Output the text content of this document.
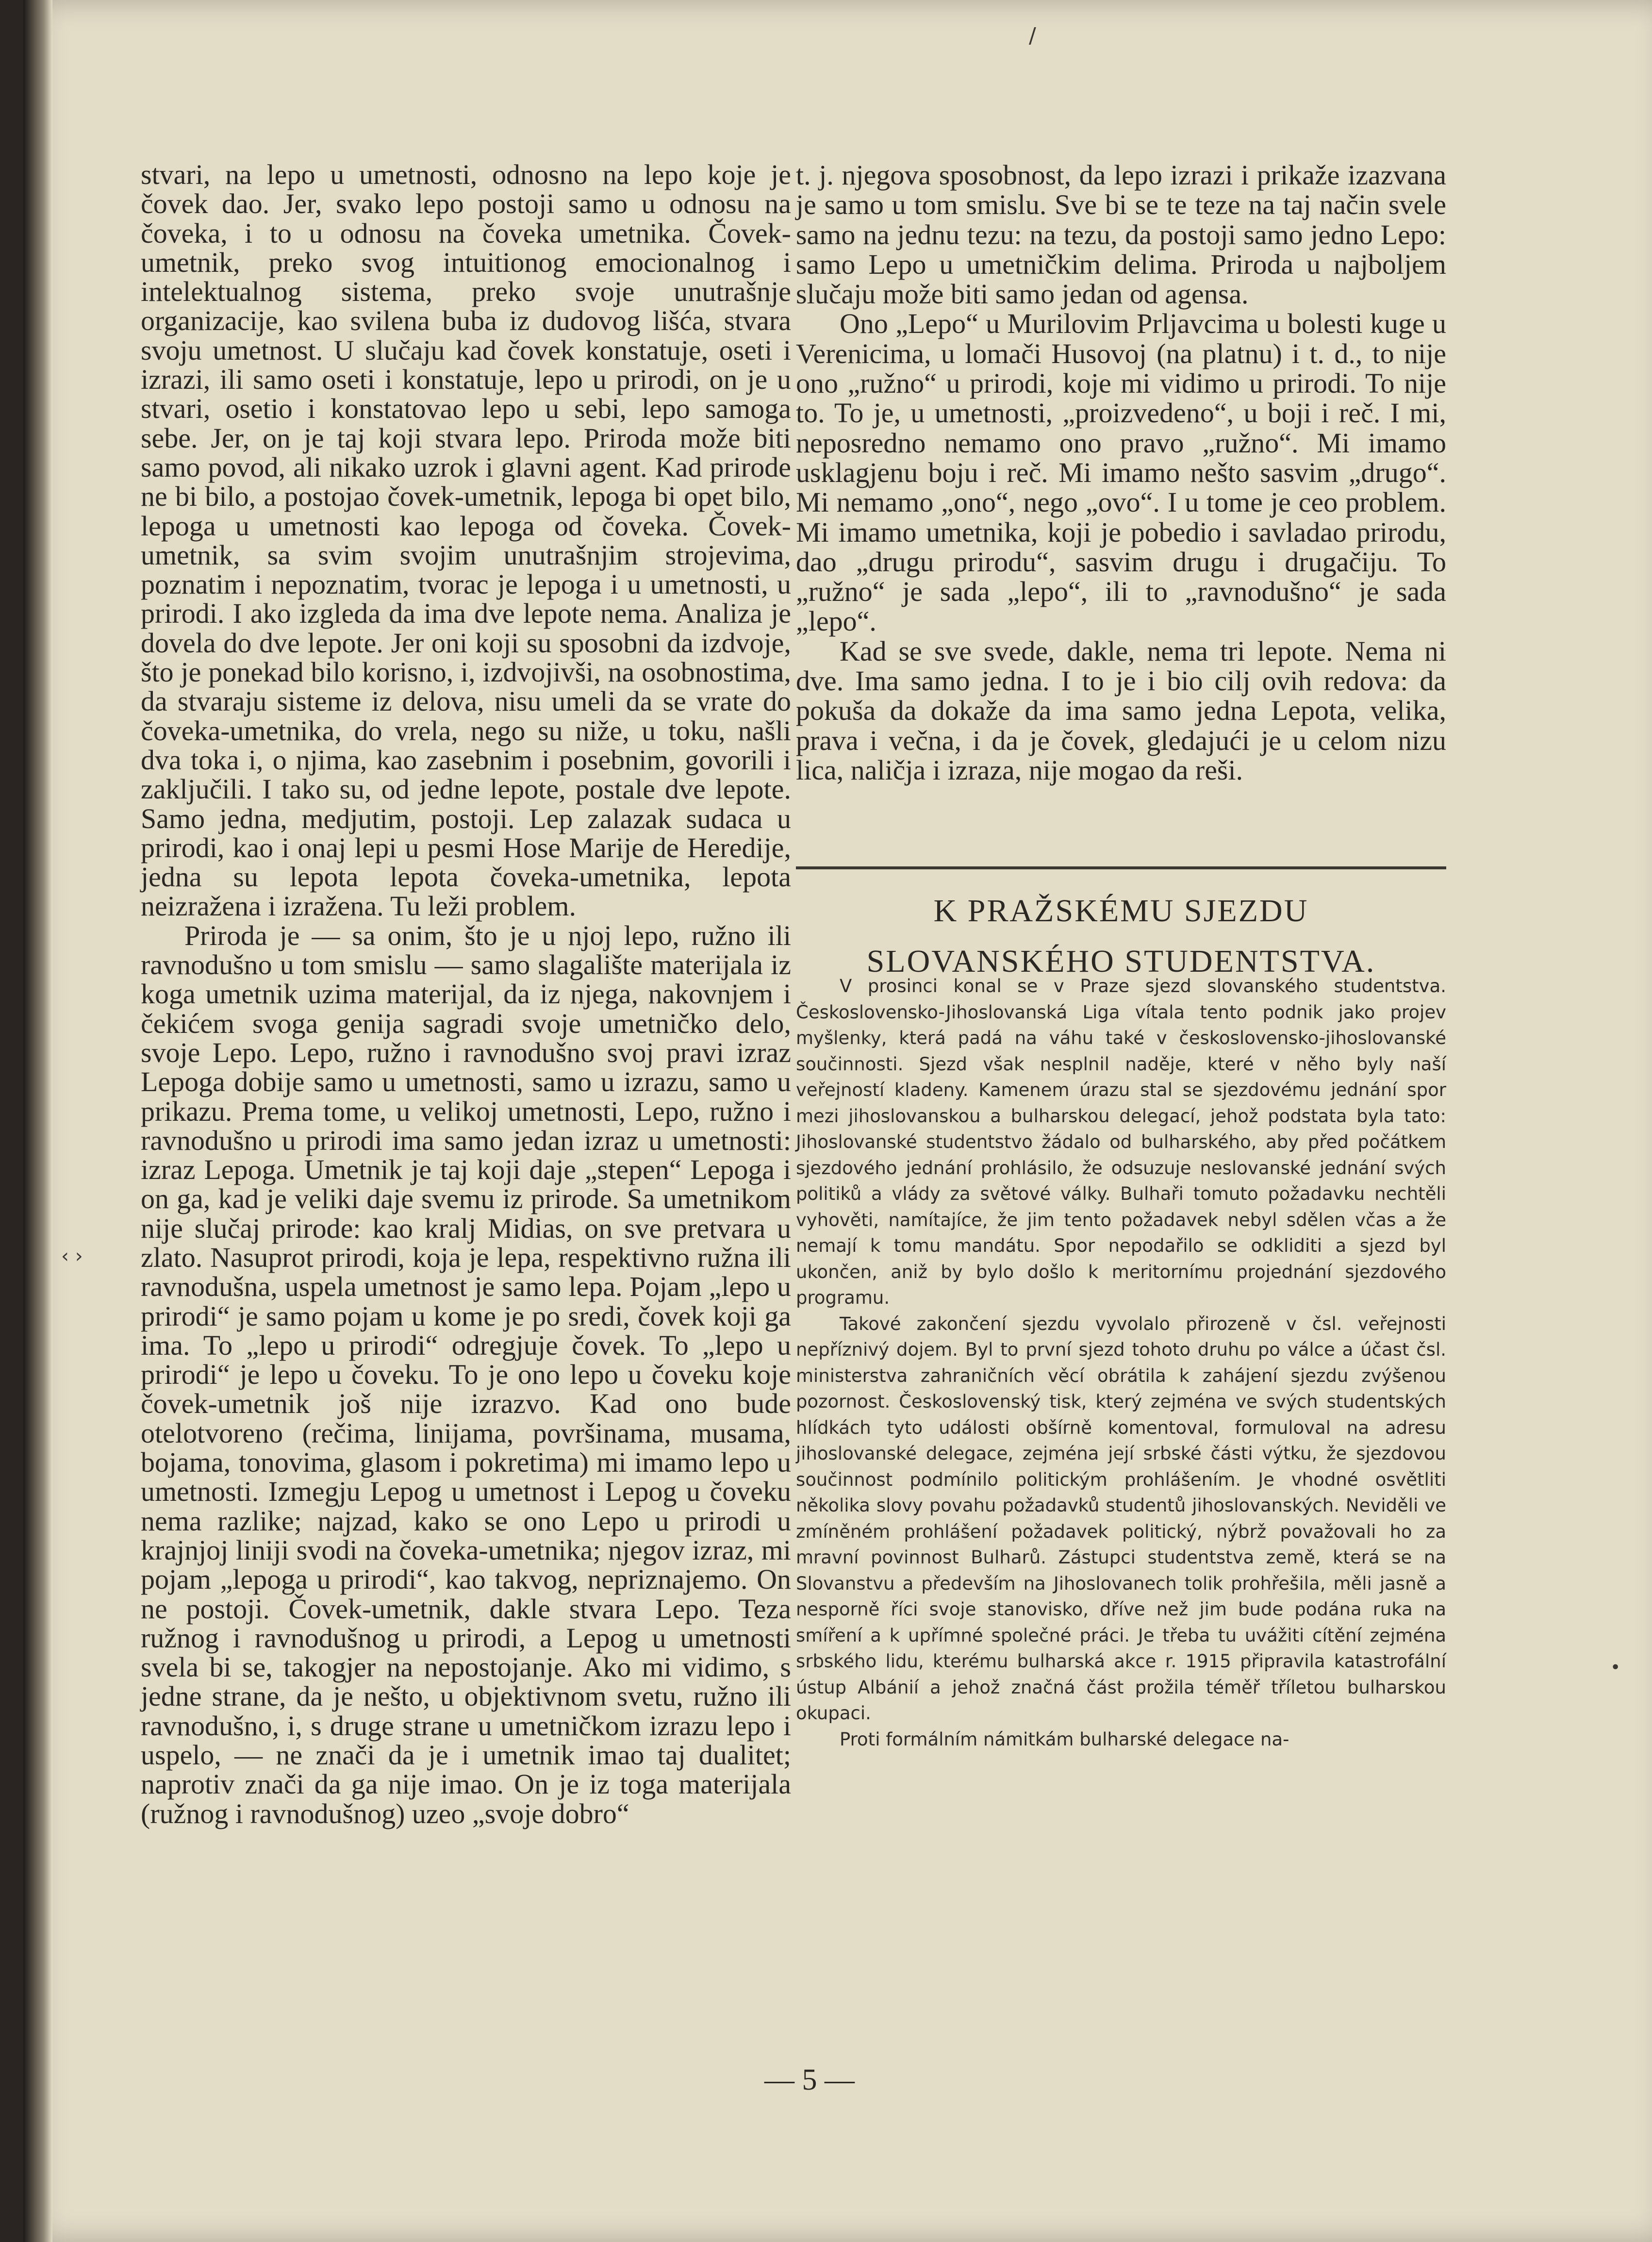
/
‹ ›
•

stvari, na lepo u umetnosti, odnosno na lepo koje je čovek dao. Jer, svako lepo postoji samo u odnosu na čoveka, i to u odnosu na čoveka umetnika. Čovek-umetnik, preko svog intuitionog emocionalnog i intelektualnog sistema, preko svoje unutrašnje organizacije, kao svilena buba iz dudovog lišća, stvara svoju umetnost. U slučaju kad čovek konstatuje, oseti i izrazi, ili samo oseti i konstatuje, lepo u prirodi, on je u stvari, osetio i konstatovao lepo u sebi, lepo samoga sebe. Jer, on je taj koji stvara lepo. Priroda može biti samo povod, ali nikako uzrok i glavni agent. Kad prirode ne bi bilo, a postojao čovek-umetnik, lepoga bi opet bilo, lepoga u umetnosti kao lepoga od čoveka. Čovek-umetnik, sa svim svojim unutrašnjim strojevima, poznatim i nepoznatim, tvorac je lepoga i u umetnosti, u prirodi. I ako izgleda da ima dve lepote nema. Analiza je dovela do dve lepote. Jer oni koji su sposobni da izdvoje, što je ponekad bilo korisno, i, izdvojivši, na osobnostima, da stvaraju sisteme iz delova, nisu umeli da se vrate do čoveka-umetnika, do vrela, nego su niže, u toku, našli dva toka i, o njima, kao zasebnim i posebnim, govorili i zaključili. I tako su, od jedne lepote, postale dve lepote. Samo jedna, medjutim, postoji. Lep zalazak sudaca u prirodi, kao i onaj lepi u pesmi Hose Marije de Heredije, jedna su lepota lepota čoveka-umetnika, lepota neizražena i izražena. Tu leži problem.

Priroda je — sa onim, što je u njoj lepo, ružno ili ravnodušno u tom smislu — samo slagalište materijala iz koga umetnik uzima materijal, da iz njega, nakovnjem i čekićem svoga genija sagradi svoje umetničko delo, svoje Lepo. Lepo, ružno i ravnodušno svoj pravi izraz Lepoga dobije samo u umetnosti, samo u izrazu, samo u prikazu. Prema tome, u velikoj umetnosti, Lepo, ružno i ravnodušno u prirodi ima samo jedan izraz u umetnosti: izraz Lepoga. Umetnik je taj koji daje „stepen“ Lepoga i on ga, kad je veliki daje svemu iz prirode. Sa umetnikom nije slučaj prirode: kao kralj Midias, on sve pretvara u zlato. Nasuprot prirodi, koja je lepa, respektivno ružna ili ravnodušna, uspela umetnost je samo lepa. Pojam „lepo u prirodi“ je samo pojam u kome je po sredi, čovek koji ga ima. To „lepo u prirodi“ odregjuje čovek. To „lepo u prirodi“ je lepo u čoveku. To je ono lepo u čoveku koje čovek-umetnik još nije izrazvo. Kad ono bude otelotvoreno (rečima, linijama, površinama, musama, bojama, tonovima, glasom i pokretima) mi imamo lepo u umetnosti. Izmegju Lepog u umetnost i Lepog u čoveku nema razlike; najzad, kako se ono Lepo u prirodi u krajnjoj liniji svodi na čoveka-umetnika; njegov izraz, mi pojam „lepoga u prirodi“, kao takvog, nepriznajemo. On ne postoji. Čovek-umetnik, dakle stvara Lepo. Teza ružnog i ravnodušnog u prirodi, a Lepog u umetnosti svela bi se, takogjer na nepostojanje. Ako mi vidimo, s jedne strane, da je nešto, u objektivnom svetu, ružno ili ravnodušno, i, s druge strane u umetničkom izrazu lepo i uspelo, — ne znači da je i umetnik imao taj dualitet; naprotiv znači da ga nije imao. On je iz toga materijala (ružnog i ravnodušnog) uzeo „svoje dobro“

t. j. njegova sposobnost, da lepo izrazi i prikaže izazvana je samo u tom smislu. Sve bi se te teze na taj način svele samo na jednu tezu: na tezu, da postoji samo jedno Lepo: samo Lepo u umetničkim delima. Priroda u najboljem slučaju može biti samo jedan od agensa.

Ono „Lepo“ u Murilovim Prljavcima u bolesti kuge u Verenicima, u lomači Husovoj (na platnu) i t. d., to nije ono „ružno“ u prirodi, koje mi vidimo u prirodi. To nije to. To je, u umetnosti, „proizvedeno“, u boji i reč. I mi, neposredno nemamo ono pravo „ružno“. Mi imamo usklagjenu boju i reč. Mi imamo nešto sasvim „drugo“. Mi nemamo „ono“, nego „ovo“. I u tome je ceo problem. Mi imamo umetnika, koji je pobedio i savladao prirodu, dao „drugu prirodu“, sasvim drugu i drugačiju. To „ružno“ je sada „lepo“, ili to „ravnodušno“ je sada „lepo“.

Kad se sve svede, dakle, nema tri lepote. Nema ni dve. Ima samo jedna. I to je i bio cilj ovih redova: da pokuša da dokaže da ima samo jedna Lepota, velika, prava i večna, i da je čovek, gledajući je u celom nizu lica, naličja i izraza, nije mogao da reši.

K PRAŽSKÉMU SJEZDU
SLOVANSKÉHO STUDENTSTVA.

V prosinci konal se v Praze sjezd slovanského studentstva. Československo-Jihoslovanská Liga vítala tento podnik jako projev myšlenky, která padá na váhu také v československo-jihoslovanské součinnosti. Sjezd však nesplnil naděje, které v něho byly naší veřejností kladeny. Kamenem úrazu stal se sjezdovému jednání spor mezi jihoslovanskou a bulharskou delegací, jehož podstata byla tato: Jihoslovanské studentstvo žádalo od bulharského, aby před počátkem sjezdového jednání prohlásilo, že odsuzuje neslovanské jednání svých politiků a vlády za světové války. Bulhaři tomuto požadavku nechtěli vyhověti, namítajíce, že jim tento požadavek nebyl sdělen včas a že nemají k tomu mandátu. Spor nepodařilo se odkliditi a sjezd byl ukončen, aniž by bylo došlo k meritornímu projednání sjezdového programu.

Takové zakončení sjezdu vyvolalo přirozeně v čsl. veřejnosti nepříznivý dojem. Byl to první sjezd tohoto druhu po válce a účast čsl. ministerstva zahraničních věcí obrátila k zahájení sjezdu zvýšenou pozornost. Československý tisk, který zejména ve svých studentských hlídkách tyto události obšírně komentoval, formuloval na adresu jihoslovanské delegace, zejména její srbské části výtku, že sjezdovou součinnost podmínilo politickým prohlášením. Je vhodné osvětliti několika slovy povahu požadavků studentů jihoslovanských. Neviděli ve zmíněném prohlášení požadavek politický, nýbrž považovali ho za mravní povinnost Bulharů. Zástupci studentstva země, která se na Slovanstvu a především na Jihoslovanech tolik prohřešila, měli jasně a nesporně říci svoje stanovisko, dříve než jim bude podána ruka na smíření a k upřímné společné práci. Je třeba tu uvážiti cítění zejména srbského lidu, kterému bulharská akce r. 1915 připravila katastrofální ústup Albánií a jehož značná část prožila téměř tříletou bulharskou okupaci.

Proti formálním námitkám bulharské delegace na-

— 5 —
